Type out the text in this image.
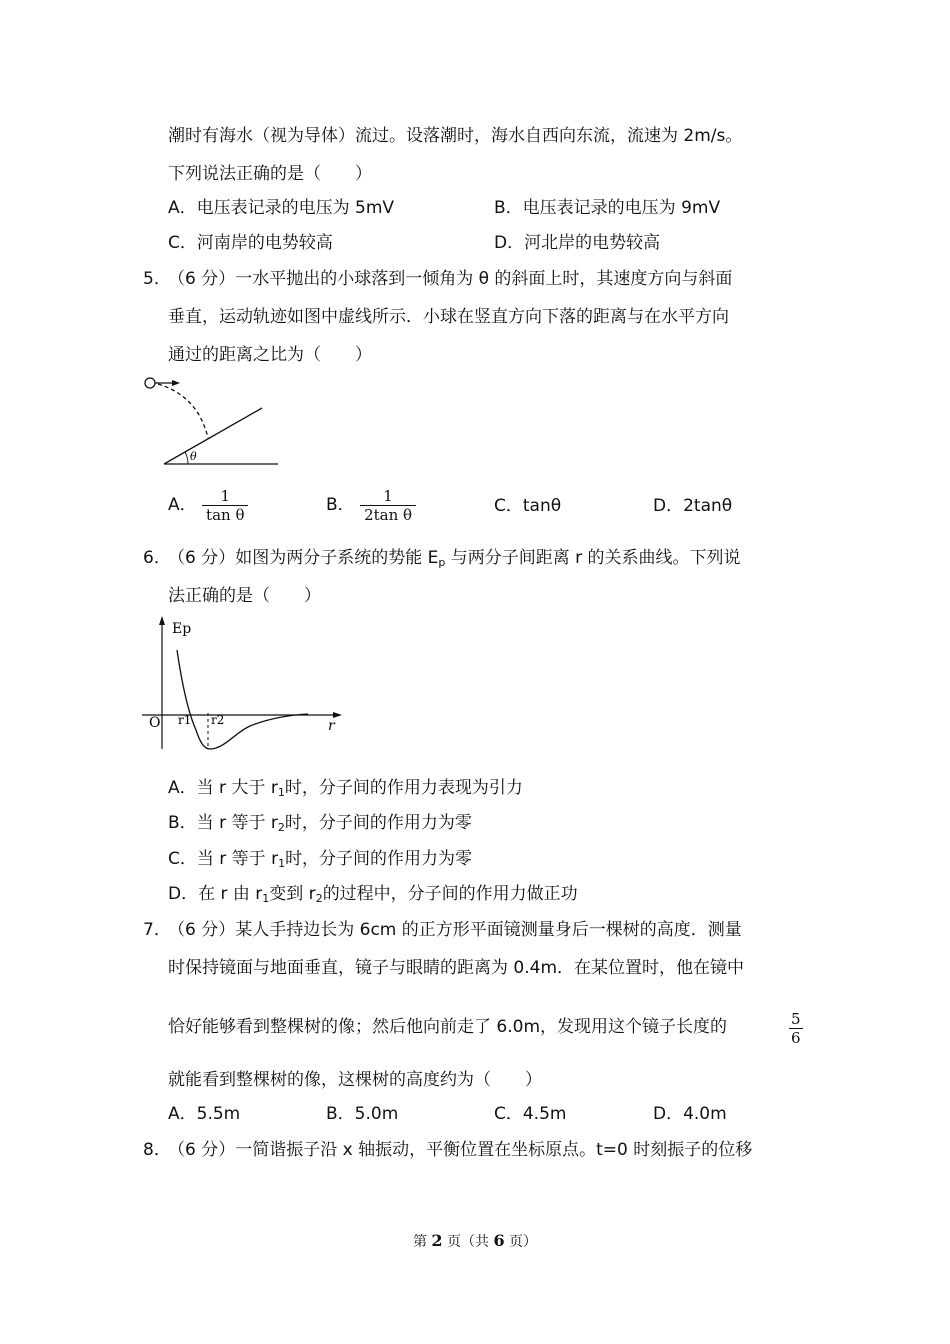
潮时有海水（视为导体）流过。设落潮时，海水自西向东流，流速为 2m/s。
下列说法正确的是（　　）
A．电压表记录的电压为 5mV	B．电压表记录的电压为 9mV
C．河南岸的电势较高	D．河北岸的电势较高
5．
（6 分）一水平抛出的小球落到一倾角为 θ 的斜面上时，其速度方向与斜面
垂直，运动轨迹如图中虚线所示．小球在竖直方向下落的距离与在水平方向
通过的距离之比为（　　）
θ
A． $\frac{1}{\text{tan θ}}$	B． $\frac{1}{\text{2tan θ}}$	C．tanθ	D．2tanθ
6．
（6 分）如图为两分子系统的势能 $E_p$ 与两分子间距离 r 的关系曲线。下列说
法正确的是（　　）
Ep
r
O r1 r2
A．当 r 大于 $r_1$时，分子间的作用力表现为引力
B．当 r 等于 $r_2$时，分子间的作用力为零
C．当 r 等于 $r_1$时，分子间的作用力为零
D．在 r 由 $r_1$变到 $r_2$的过程中，分子间的作用力做正功
7．
（6 分）某人手持边长为 6cm 的正方形平面镜测量身后一棵树的高度．测量
时保持镜面与地面垂直，镜子与眼睛的距离为 0.4m．在某位置时，他在镜中
恰好能够看到整棵树的像；然后他向前走了 6.0m，发现用这个镜子长度的	$\frac{5}{6}$
就能看到整棵树的像，这棵树的高度约为（　　）
A．5.5m	B．5.0m	C．4.5m	D．4.0m
8．
（6 分）一简谐振子沿 x 轴振动，平衡位置在坐标原点。t=0 时刻振子的位移
第 2 页（共 6 页）
